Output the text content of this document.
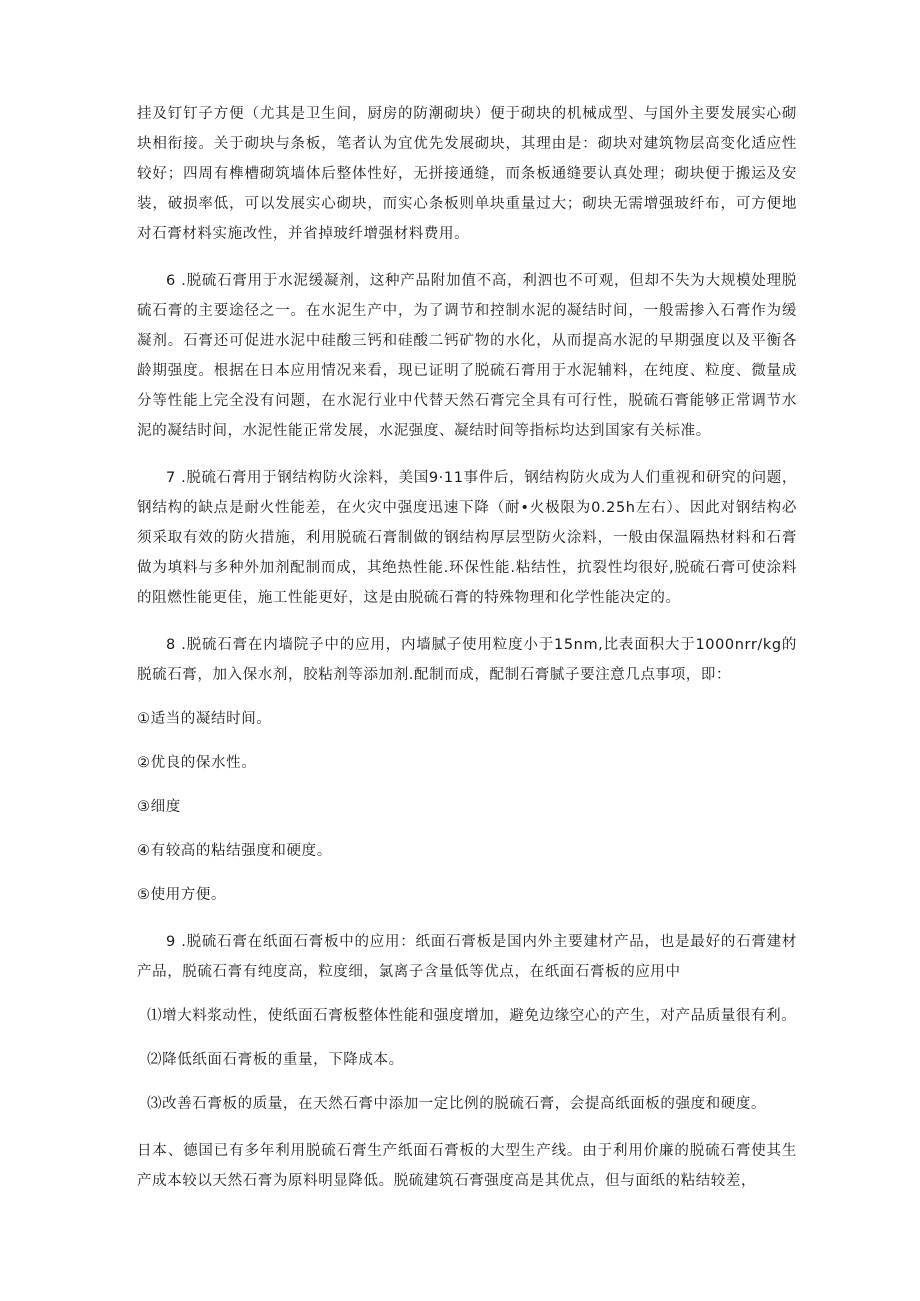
挂及钉钉子方便（尤其是卫生间，厨房的防潮砌块）便于砌块的机械成型、与国外主要发展实心砌块相衔接。关于砌块与条板，笔者认为宜优先发展砌块，其理由是：砌块对建筑物层高变化适应性较好；四周有榫槽砌筑墙体后整体性好，无拼接通缝，而条板通缝要认真处理；砌块便于搬运及安装，破损率低，可以发展实心砌块，而实心条板则单块重量过大；砌块无需增强玻纤布，可方便地对石膏材料实施改性，并省掉玻纤增强材料费用。

6 .脱硫石膏用于水泥缓凝剂，这种产品附加值不高，利泗也不可观，但却不失为大规模处理脱硫石膏的主要途径之一。在水泥生产中，为了调节和控制水泥的凝结时间，一般需掺入石膏作为缓凝剂。石膏还可促进水泥中硅酸三钙和硅酸二钙矿物的水化，从而提高水泥的早期强度以及平衡各龄期强度。根据在日本应用情况来看，现已证明了脱硫石膏用于水泥辅料，在纯度、粒度、微量成分等性能上完全没有问题，在水泥行业中代替天然石膏完全具有可行性，脱硫石膏能够正常调节水泥的凝结时间，水泥性能正常发展，水泥强度、凝结时间等指标均达到国家有关标准。

7 .脱硫石膏用于钢结构防火涂料，美国9·11事件后，钢结构防火成为人们重视和研究的问题，钢结构的缺点是耐火性能差，在火灾中强度迅速下降（耐•火极限为0.25h左右）、因此对钢结构必须采取有效的防火措施，利用脱硫石膏制做的钢结构厚层型防火涂料，一般由保温隔热材料和石膏做为填料与多种外加剂配制而成，其绝热性能.环保性能.粘结性，抗裂性均很好,脱硫石膏可使涂料的阻燃性能更佳，施工性能更好，这是由脱硫石膏的特殊物理和化学性能决定的。

8 .脱硫石膏在内墙院子中的应用，内墙腻子使用粒度小于15nm,比表面积大于1000nrr/kg的脱硫石膏，加入保水剂，胶粘剂等添加剂.配制而成，配制石膏腻子要注意几点事项，即：

①适当的凝结时间。

②优良的保水性。

③细度

④有较高的粘结强度和硬度。

⑤使用方便。

9 .脱硫石膏在纸面石膏板中的应用：纸面石膏板是国内外主要建材产品，也是最好的石膏建材产品，脱硫石膏有纯度高，粒度细，氯离子含量低等优点，在纸面石膏板的应用中

⑴增大料浆动性，使纸面石膏板整体性能和强度增加，避免边缘空心的产生，对产品质量很有利。

⑵降低纸面石膏板的重量，下降成本。

⑶改善石膏板的质量，在天然石膏中添加一定比例的脱硫石膏，会提高纸面板的强度和硬度。

日本、德国已有多年利用脱硫石膏生产纸面石膏板的大型生产线。由于利用价廉的脱硫石膏使其生产成本较以天然石膏为原料明显降低。脱硫建筑石膏强度高是其优点，但与面纸的粘结较差，
